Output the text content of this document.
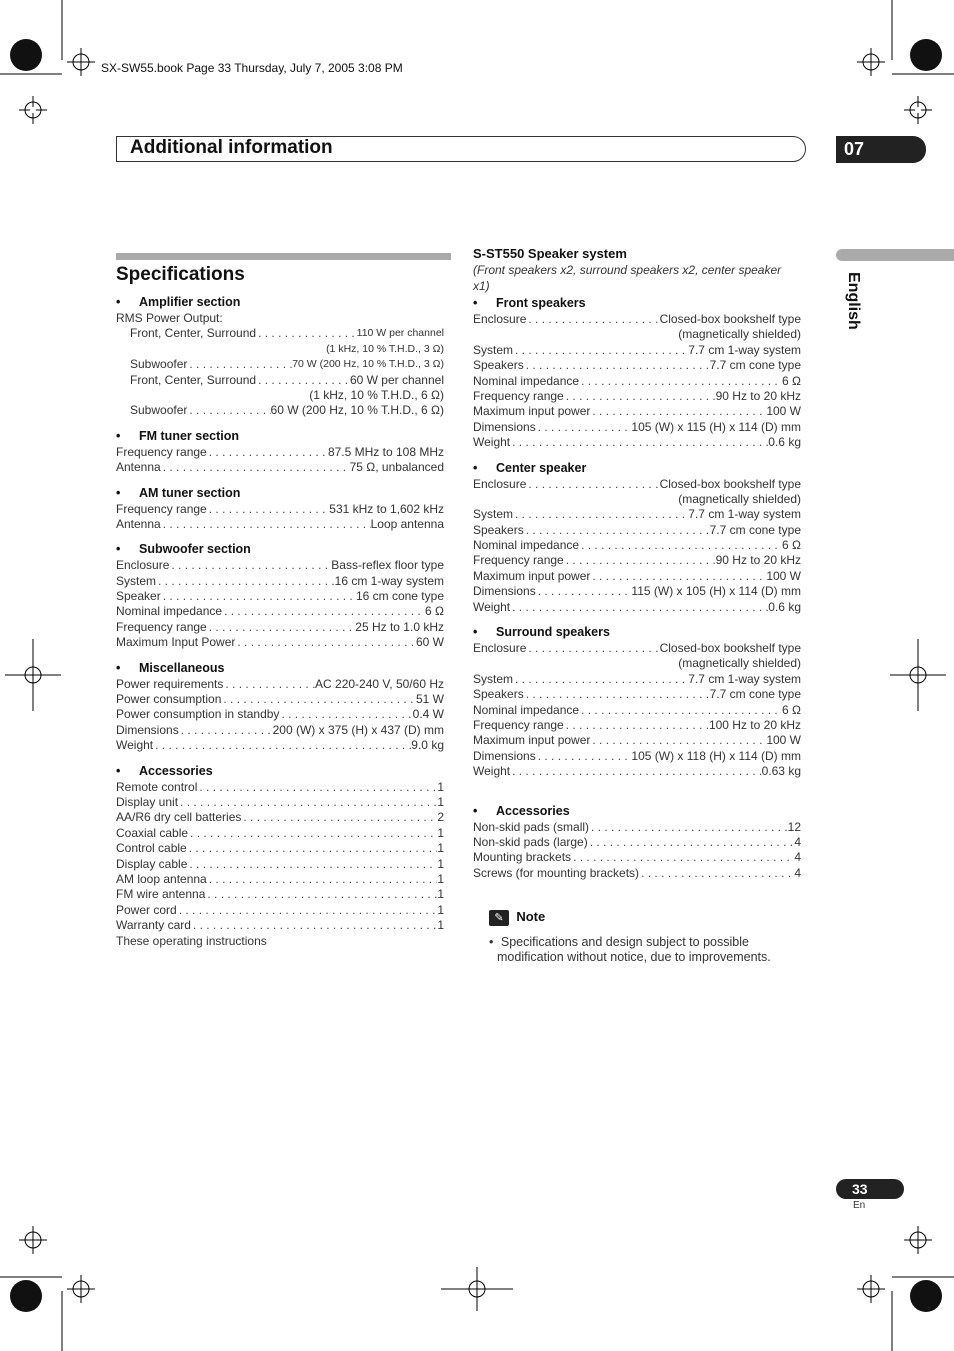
SX-SW55.book Page 33 Thursday, July 7, 2005 3:08 PM
Additional information	07
English
Specifications
• Amplifier section
RMS Power Output:
Front, Center, Surround . . .	110 W per channel
(1 kHz, 10 % T.H.D., 3 Ω)
Subwoofer . . .	70 W (200 Hz, 10 % T.H.D., 3 Ω)
Front, Center, Surround . . .	60 W per channel
(1 kHz, 10 % T.H.D., 6 Ω)
Subwoofer . . .	60 W (200 Hz, 10 % T.H.D., 6 Ω)
• FM tuner section
Frequency range . . .	87.5 MHz to 108 MHz
Antenna . . .	75 Ω, unbalanced
• AM tuner section
Frequency range . . .	531 kHz to 1,602 kHz
Antenna . . .	Loop antenna
• Subwoofer section
Enclosure . . .	Bass-reflex floor type
System . . .	16 cm 1-way system
Speaker . . .	16 cm cone type
Nominal impedance . . .	6 Ω
Frequency range . . .	25 Hz to 1.0 kHz
Maximum Input Power . . .	60 W
• Miscellaneous
Power requirements . . .	AC 220-240 V, 50/60 Hz
Power consumption . . .	51 W
Power consumption in standby . . .	0.4 W
Dimensions . . .	200 (W) x 375 (H) x 437 (D) mm
Weight . . .	9.0 kg
• Accessories
Remote control . . .	1
Display unit . . .	1
AA/R6 dry cell batteries . . .	2
Coaxial cable . . .	1
Control cable . . .	1
Display cable . . .	1
AM loop antenna . . .	1
FM wire antenna . . .	1
Power cord . . .	1
Warranty card . . .	1
These operating instructions
S-ST550 Speaker system
(Front speakers x2, surround speakers x2, center speaker
x1)
• Front speakers
Enclosure . . .	Closed-box bookshelf type
(magnetically shielded)
System . . .	7.7 cm 1-way system
Speakers . . .	7.7 cm cone type
Nominal impedance . . .	6 Ω
Frequency range . . .	90 Hz to 20 kHz
Maximum input power . . .	100 W
Dimensions . . .	105 (W) x 115 (H) x 114 (D) mm
Weight . . .	0.6 kg
• Center speaker
Enclosure . . .	Closed-box bookshelf type
(magnetically shielded)
System . . .	7.7 cm 1-way system
Speakers . . .	7.7 cm cone type
Nominal impedance . . .	6 Ω
Frequency range . . .	90 Hz to 20 kHz
Maximum input power . . .	100 W
Dimensions . . .	115 (W) x 105 (H) x 114 (D) mm
Weight . . .	0.6 kg
• Surround speakers
Enclosure . . .	Closed-box bookshelf type
(magnetically shielded)
System . . .	7.7 cm 1-way system
Speakers . . .	7.7 cm cone type
Nominal impedance . . .	6 Ω
Frequency range . . .	100 Hz to 20 kHz
Maximum input power . . .	100 W
Dimensions . . .	105 (W) x 118 (H) x 114 (D) mm
Weight . . .	0.63 kg
• Accessories
Non-skid pads (small) . . .	12
Non-skid pads (large) . . .	4
Mounting brackets . . .	4
Screws (for mounting brackets) . . .	4
✎ Note
• Specifications and design subject to possible
modification without notice, due to improvements.
33
En
